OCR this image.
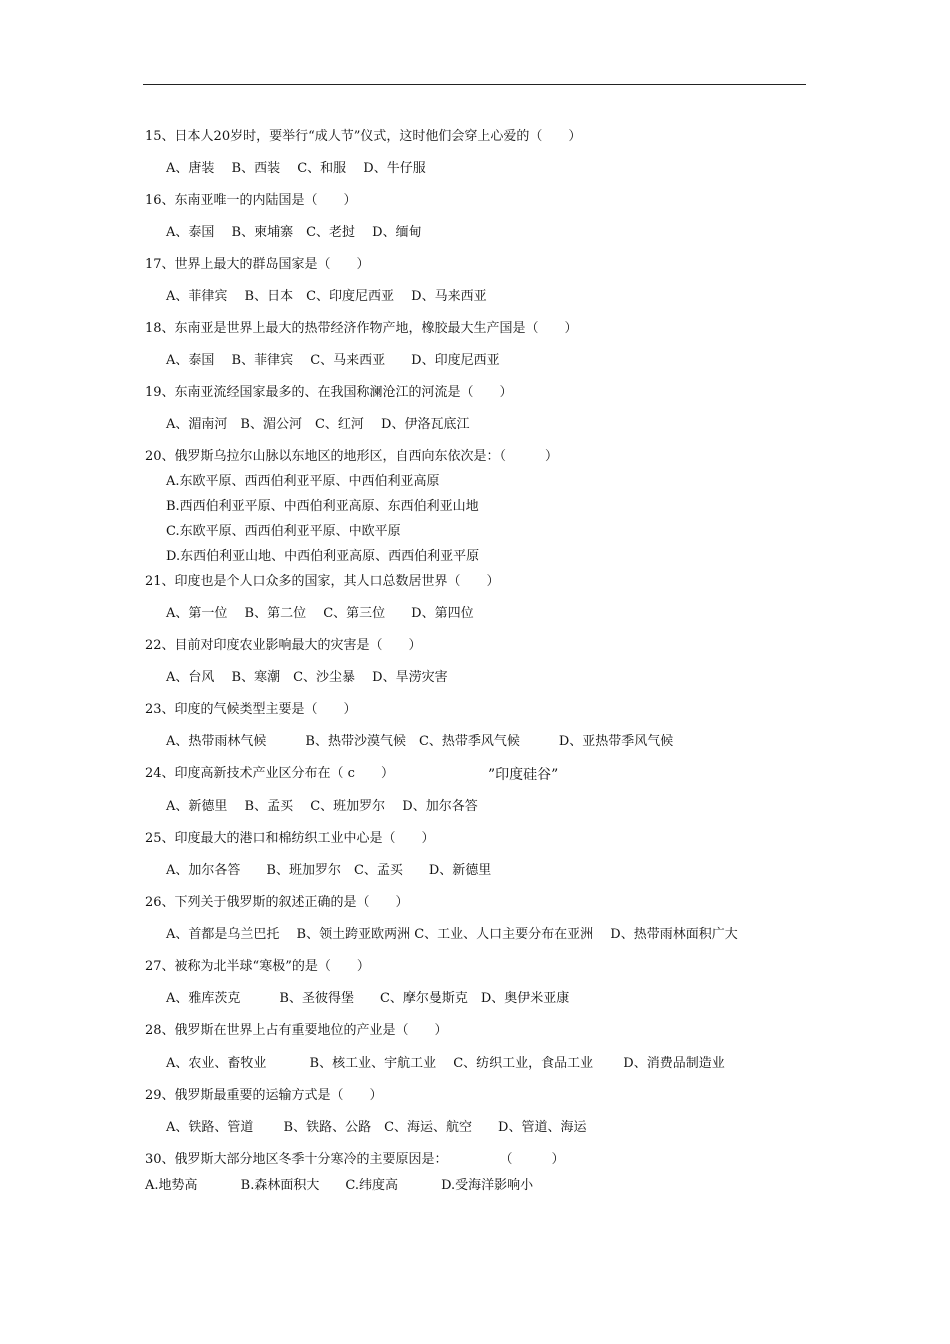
15、日本人20岁时，要举行“成人节”仪式，这时他们会穿上心爱的（　　）
A、唐装　 B、西装　 C、和服　 D、牛仔服
16、东南亚唯一的内陆国是（　　）
A、泰国　 B、柬埔寨　C、老挝　 D、缅甸
17、世界上最大的群岛国家是（　　）
A、菲律宾　 B、日本　C、印度尼西亚　 D、马来西亚
18、东南亚是世界上最大的热带经济作物产地，橡胶最大生产国是（　　）
A、泰国　 B、菲律宾　 C、马来西亚　　D、印度尼西亚
19、东南亚流经国家最多的、在我国称澜沧江的河流是（　　）
A、湄南河　B、湄公河　C、红河　 D、伊洛瓦底江
20、俄罗斯乌拉尔山脉以东地区的地形区，自西向东依次是：（　　　）
A.东欧平原、西西伯利亚平原、中西伯利亚高原
B.西西伯利亚平原、中西伯利亚高原、东西伯利亚山地
C.东欧平原、西西伯利亚平原、中欧平原
D.东西伯利亚山地、中西伯利亚高原、西西伯利亚平原
21、印度也是个人口众多的国家，其人口总数居世界（　　）
A、第一位　 B、第二位　 C、第三位　　D、第四位
22、目前对印度农业影响最大的灾害是（　　）
A、台风　 B、寒潮　C、沙尘暴　 D、旱涝灾害
23、印度的气候类型主要是（　　）
A、热带雨林气候　　　B、热带沙漠气候　C、热带季风气候　　　D、亚热带季风气候
24、印度高新技术产业区分布在（ c　　）	”印度硅谷”
A、新德里　 B、孟买　 C、班加罗尔　 D、加尔各答
25、印度最大的港口和棉纺织工业中心是（　　）
A、加尔各答　　B、班加罗尔　C、孟买　　D、新德里
26、下列关于俄罗斯的叙述正确的是（　　）
A、首都是乌兰巴托　 B、领土跨亚欧两洲 C、工业、人口主要分布在亚洲　 D、热带雨林面积广大
27、被称为北半球“寒极”的是（　　）
A、雅库茨克　　　B、圣彼得堡　　C、摩尔曼斯克　D、奥伊米亚康
28、俄罗斯在世界上占有重要地位的产业是（　　）
A、农业、畜牧业　　　 B、核工业、宇航工业　 C、纺织工业，食品工业　　 D、消费品制造业
29、俄罗斯最重要的运输方式是（　　）
A、铁路、管道　　 B、铁路、公路　C、海运、航空　　D、管道、海运
30、俄罗斯大部分地区冬季十分寒冷的主要原因是：　　　　　（　　　）
A.地势高　　　 B.森林面积大　　C.纬度高　　　 D.受海洋影响小
